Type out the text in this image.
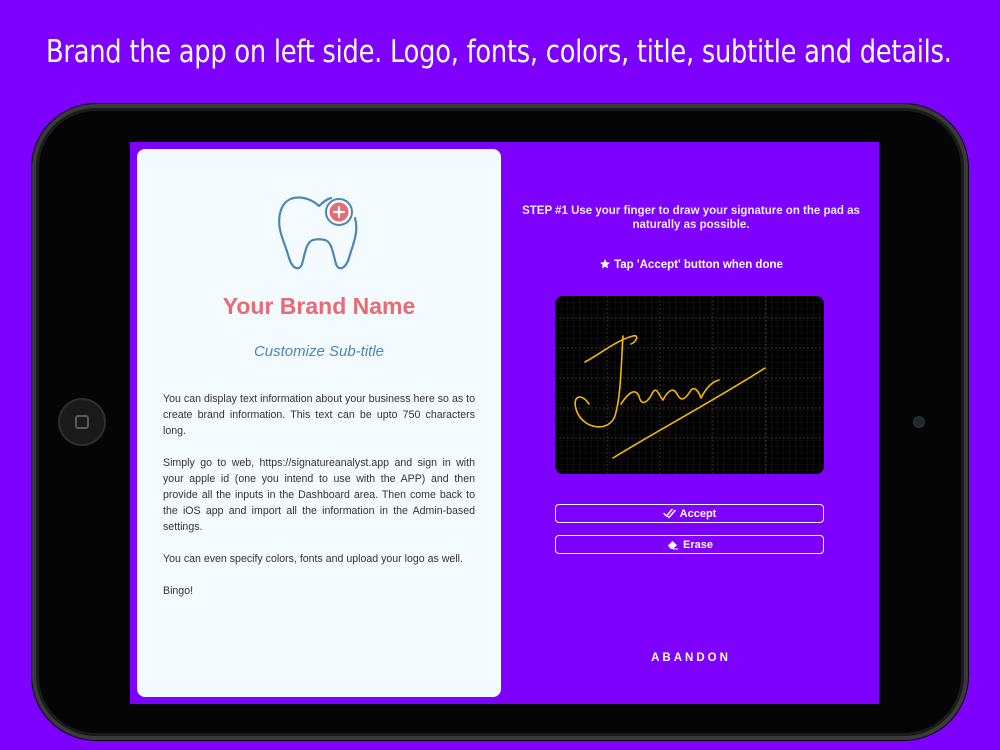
Brand the app on left side. Logo, fonts, colors, title, subtitle and details.
Your Brand Name
Customize Sub-title

You can display text information about your business here so as to create brand information. This text can be upto 750 characters long.

Simply go to web, https://signatureanalyst.app and sign in with your apple id (one you intend to use with the APP) and then provide all the inputs in the Dashboard area. Then come back to the iOS app and import all the information in the Admin-based settings.

You can even specify colors, fonts and upload your logo as well.

Bingo!

STEP #1 Use your finger to draw your signature on the pad as naturally as possible.
Tap 'Accept' button when done
Accept
Erase
ABANDON
